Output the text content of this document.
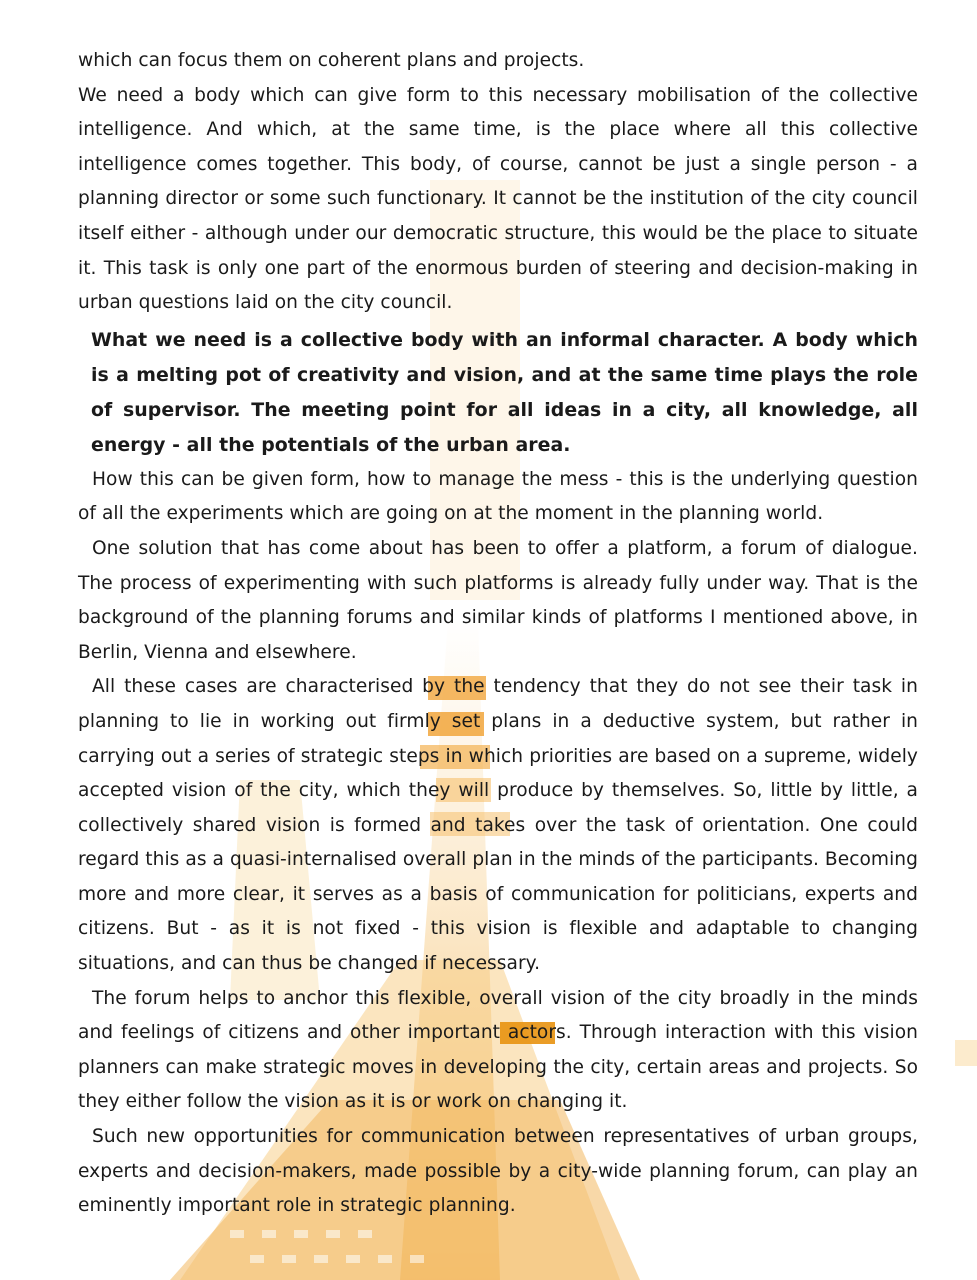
which can focus them on coherent plans and projects.

We need a body which can give form to this necessary mobilisation of the collective intelligence. And which, at the same time, is the place where all this collective intelligence comes together. This body, of course, cannot be just a single person - a planning director or some such functionary. It cannot be the institution of the city council itself either - although under our democratic structure, this would be the place to situate it. This task is only one part of the enormous burden of steering and decision-making in urban questions laid on the city council.

What we need is a collective body with an informal character. A body which is a melting pot of creativity and vision, and at the same time plays the role of supervisor. The meeting point for all ideas in a city, all knowledge, all energy - all the potentials of the urban area.

How this can be given form, how to manage the mess - this is the underlying question of all the experiments which are going on at the moment in the planning world.

One solution that has come about has been to offer a platform, a forum of dialogue. The process of experimenting with such platforms is already fully under way. That is the background of the planning forums and similar kinds of platforms I mentioned above, in Berlin, Vienna and elsewhere.

All these cases are characterised by the tendency that they do not see their task in planning to lie in working out firmly set plans in a deductive system, but rather in carrying out a series of strategic steps in which priorities are based on a supreme, widely accepted vision of the city, which they will produce by themselves. So, little by little, a collectively shared vision is formed and takes over the task of orientation. One could regard this as a quasi-internalised overall plan in the minds of the participants. Becoming more and more clear, it serves as a basis of communication for politicians, experts and citizens. But - as it is not fixed - this vision is flexible and adaptable to changing situations, and can thus be changed if necessary.

The forum helps to anchor this flexible, overall vision of the city broadly in the minds and feelings of citizens and other important actors. Through interaction with this vision planners can make strategic moves in developing the city, certain areas and projects. So they either follow the vision as it is or work on changing it.

Such new opportunities for communication between representatives of urban groups, experts and decision-makers, made possible by a city-wide planning forum, can play an eminently important role in strategic planning.
